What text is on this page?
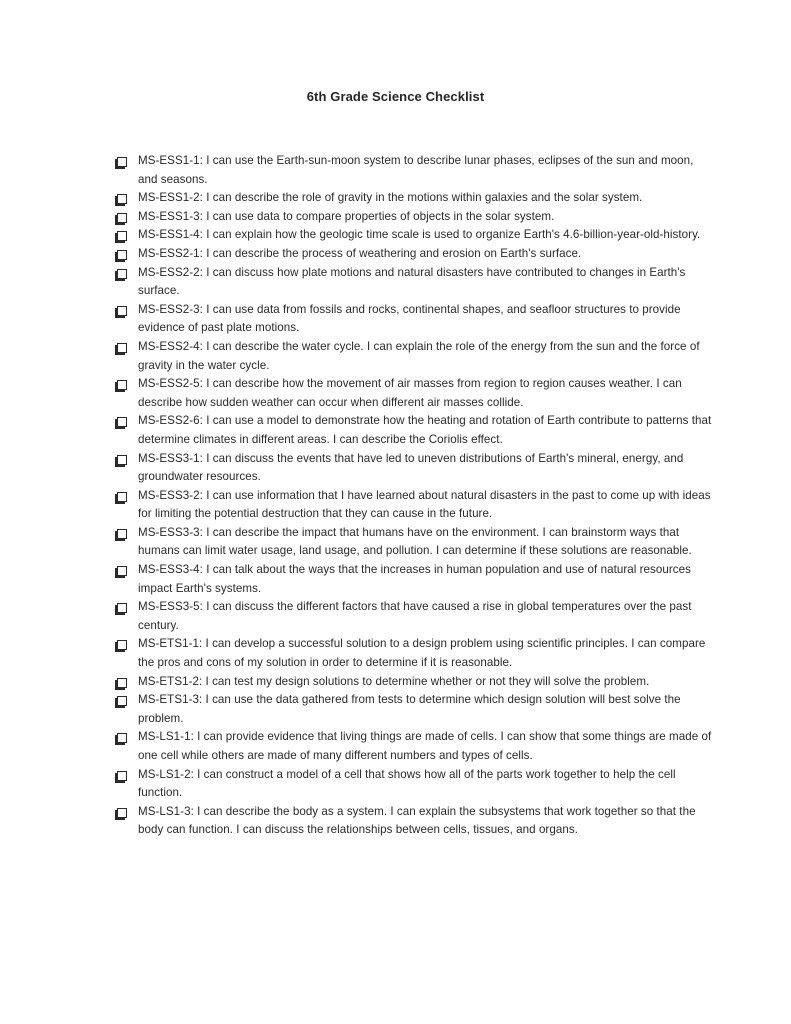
6th Grade Science Checklist
MS-ESS1-1: I can use the Earth-sun-moon system to describe lunar phases, eclipses of the sun and moon, and seasons.
MS-ESS1-2: I can describe the role of gravity in the motions within galaxies and the solar system.
MS-ESS1-3: I can use data to compare properties of objects in the solar system.
MS-ESS1-4: I can explain how the geologic time scale is used to organize Earth's 4.6-billion-year-old-history.
MS-ESS2-1: I can describe the process of weathering and erosion on Earth's surface.
MS-ESS2-2: I can discuss how plate motions and natural disasters have contributed to changes in Earth's surface.
MS-ESS2-3: I can use data from fossils and rocks, continental shapes, and seafloor structures to provide evidence of past plate motions.
MS-ESS2-4: I can describe the water cycle. I can explain the role of the energy from the sun and the force of gravity in the water cycle.
MS-ESS2-5: I can describe how the movement of air masses from region to region causes weather. I can describe how sudden weather can occur when different air masses collide.
MS-ESS2-6: I can use a model to demonstrate how the heating and rotation of Earth contribute to patterns that determine climates in different areas. I can describe the Coriolis effect.
MS-ESS3-1: I can discuss the events that have led to uneven distributions of Earth's mineral, energy, and groundwater resources.
MS-ESS3-2: I can use information that I have learned about natural disasters in the past to come up with ideas for limiting the potential destruction that they can cause in the future.
MS-ESS3-3: I can describe the impact that humans have on the environment. I can brainstorm ways that humans can limit water usage, land usage, and pollution. I can determine if these solutions are reasonable.
MS-ESS3-4: I can talk about the ways that the increases in human population and use of natural resources impact Earth's systems.
MS-ESS3-5: I can discuss the different factors that have caused a rise in global temperatures over the past century.
MS-ETS1-1: I can develop a successful solution to a design problem using scientific principles. I can compare the pros and cons of my solution in order to determine if it is reasonable.
MS-ETS1-2: I can test my design solutions to determine whether or not they will solve the problem.
MS-ETS1-3: I can use the data gathered from tests to determine which design solution will best solve the problem.
MS-LS1-1: I can provide evidence that living things are made of cells. I can show that some things are made of one cell while others are made of many different numbers and types of cells.
MS-LS1-2: I can construct a model of a cell that shows how all of the parts work together to help the cell function.
MS-LS1-3: I can describe the body as a system. I can explain the subsystems that work together so that the body can function. I can discuss the relationships between cells, tissues, and organs.
